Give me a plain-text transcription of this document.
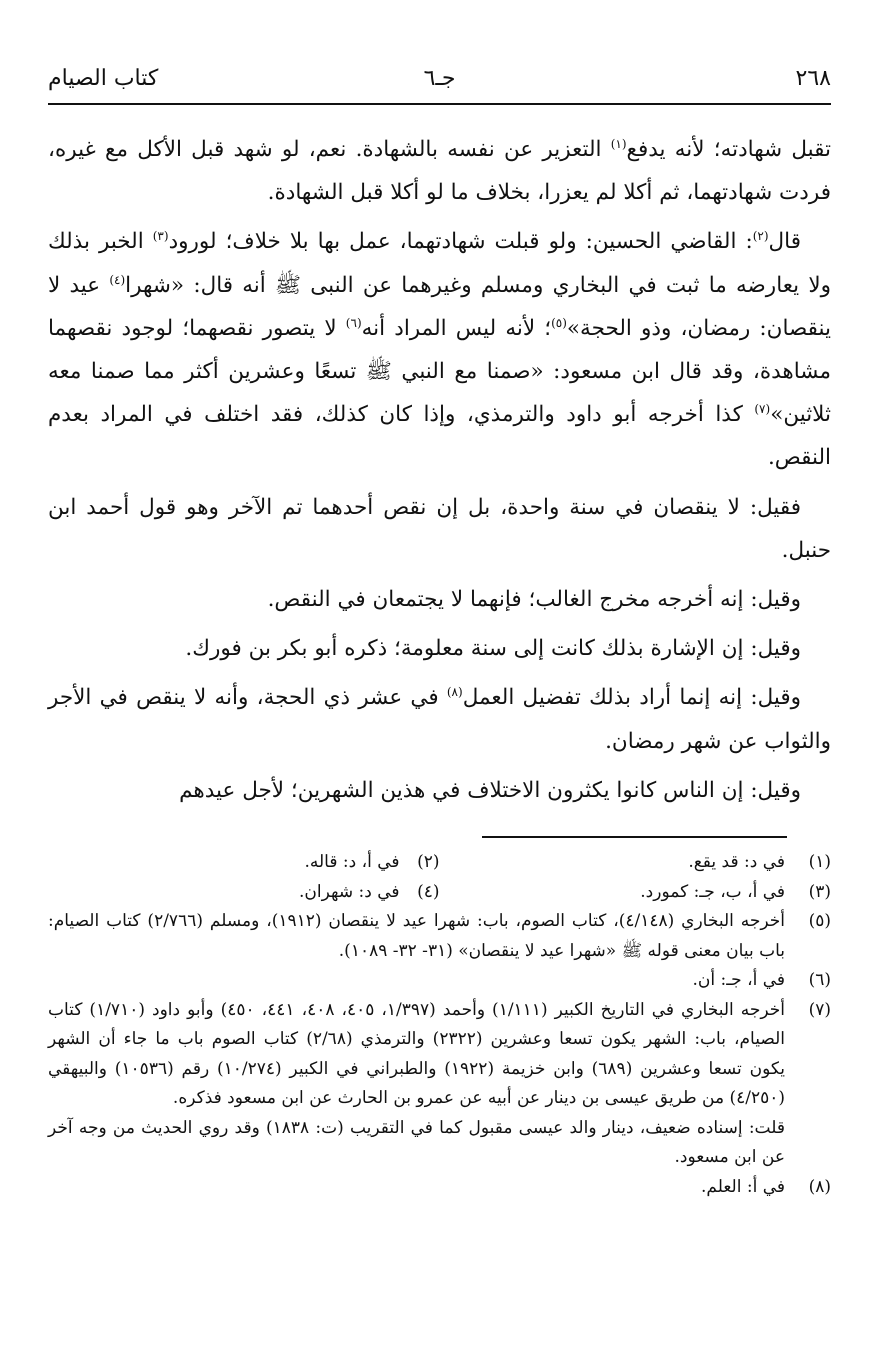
٢٦٨
جـ٦
كتاب الصيام

تقبل شهادته؛ لأنه يدفع$^{(١)}$ التعزير عن نفسه بالشهادة. نعم، لو شهد قبل الأكل مع غيره، فردت شهادتهما، ثم أكلا لم يعزرا، بخلاف ما لو أكلا قبل الشهادة.

قال$^{(٢)}$: القاضي الحسين: ولو قبلت شهادتهما، عمل بها بلا خلاف؛ لورود$^{(٣)}$ الخبر بذلك ولا يعارضه ما ثبت في البخاري ومسلم وغيرهما عن النبى ﷺ أنه قال: «شهرا$^{(٤)}$ عيد لا ينقصان: رمضان، وذو الحجة»$^{(٥)}$؛ لأنه ليس المراد أنه$^{(٦)}$ لا يتصور نقصهما؛ لوجود نقصهما مشاهدة، وقد قال ابن مسعود: «صمنا مع النبي ﷺ تسعًا وعشرين أكثر مما صمنا معه ثلاثين»$^{(٧)}$ كذا أخرجه أبو داود والترمذي، وإذا كان كذلك، فقد اختلف في المراد بعدم النقص.

فقيل: لا ينقصان في سنة واحدة، بل إن نقص أحدهما تم الآخر وهو قول أحمد ابن حنبل.

وقيل: إنه أخرجه مخرج الغالب؛ فإنهما لا يجتمعان في النقص.

وقيل: إن الإشارة بذلك كانت إلى سنة معلومة؛ ذكره أبو بكر بن فورك.

وقيل: إنه إنما أراد بذلك تفضيل العمل$^{(٨)}$ في عشر ذي الحجة، وأنه لا ينقص في الأجر والثواب عن شهر رمضان.

وقيل: إن الناس كانوا يكثرون الاختلاف في هذين الشهرين؛ لأجل عيدهم

(١)
في د: قد يقع.
(٢)
في أ، د: قاله.
(٣)
في أ، ب، جـ: كمورد.
(٤)
في د: شهران.
(٥)
أخرجه البخاري (٤/١٤٨)، كتاب الصوم، باب: شهرا عيد لا ينقصان (١٩١٢)، ومسلم (٢/٧٦٦) كتاب الصيام: باب بيان معنى قوله ﷺ «شهرا عيد لا ينقصان» (٣١- ٣٢- ١٠٨٩).
(٦)
في أ، جـ: أن.
(٧)
أخرجه البخاري في التاريخ الكبير (١/١١١) وأحمد (١/٣٩٧، ٤٠٥، ٤٠٨، ٤٤١، ٤٥٠) وأبو داود (١/٧١٠) كتاب الصيام، باب: الشهر يكون تسعا وعشرين (٢٣٢٢) والترمذي (٢/٦٨) كتاب الصوم باب ما جاء أن الشهر يكون تسعا وعشرين (٦٨٩) وابن خزيمة (١٩٢٢) والطبراني في الكبير (١٠/٢٧٤) رقم (١٠٥٣٦) والبيهقي (٤/٢٥٠) من طريق عيسى بن دينار عن أبيه عن عمرو بن الحارث عن ابن مسعود فذكره.
قلت: إسناده ضعيف، دينار والد عيسى مقبول كما في التقريب (ت: ١٨٣٨) وقد روي الحديث من وجه آخر عن ابن مسعود.
(٨)
في أ: العلم.
